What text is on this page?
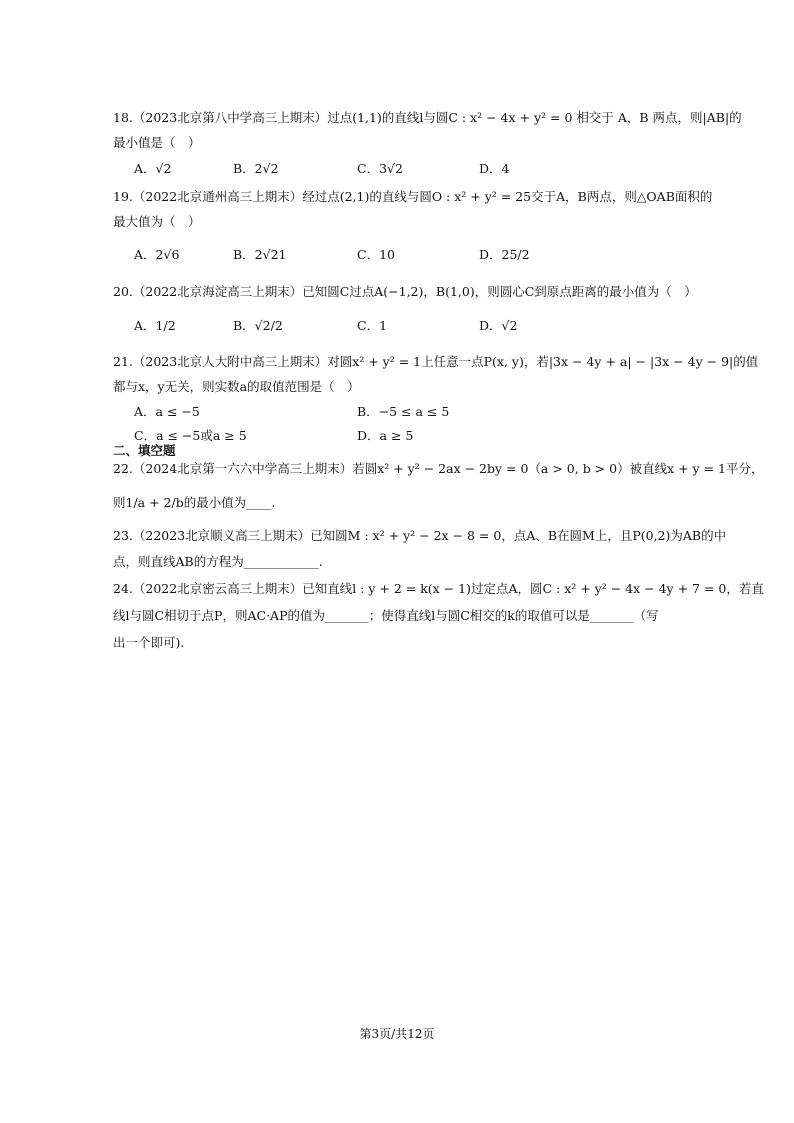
18.（2023北京第八中学高三上期末）过点(1,1)的直线l与圆C : x² − 4x + y² = 0 相交于 A，B 两点，则|AB|的
最小值是（　）
A．√2	B．2√2	C．3√2	D．4
19.（2022北京通州高三上期末）经过点(2,1)的直线与圆O : x² + y² = 25交于A，B两点，则△OAB面积的
最大值为（　）
A．2√6	B．2√21	C．10	D．25/2
20.（2022北京海淀高三上期末）已知圆C过点A(−1,2)，B(1,0)，则圆心C到原点距离的最小值为（　）
A．1/2	B．√2/2	C．1	D．√2
21.（2023北京人大附中高三上期末）对圆x² + y² = 1上任意一点P(x, y)，若|3x − 4y + a| − |3x − 4y − 9|的值
都与x，y无关，则实数a的取值范围是（　）
A．a ≤ −5	B．−5 ≤ a ≤ 5
C．a ≤ −5或a ≥ 5	D．a ≥ 5
二、填空题
22.（2024北京第一六六中学高三上期末）若圆x² + y² − 2ax − 2by = 0（a > 0, b > 0）被直线x + y = 1平分，
则1/a + 2/b的最小值为____.
23.（22023北京顺义高三上期末）已知圆M : x² + y² − 2x − 8 = 0，点A、B在圆M上，且P(0,2)为AB的中
点，则直线AB的方程为____________.
24.（2022北京密云高三上期末）已知直线l : y + 2 = k(x − 1)过定点A，圆C : x² + y² − 4x − 4y + 7 = 0，若直
线l与圆C相切于点P，则AC·AP的值为_______；使得直线l与圆C相交的k的取值可以是_______（写
出一个即可).
第3页/共12页
